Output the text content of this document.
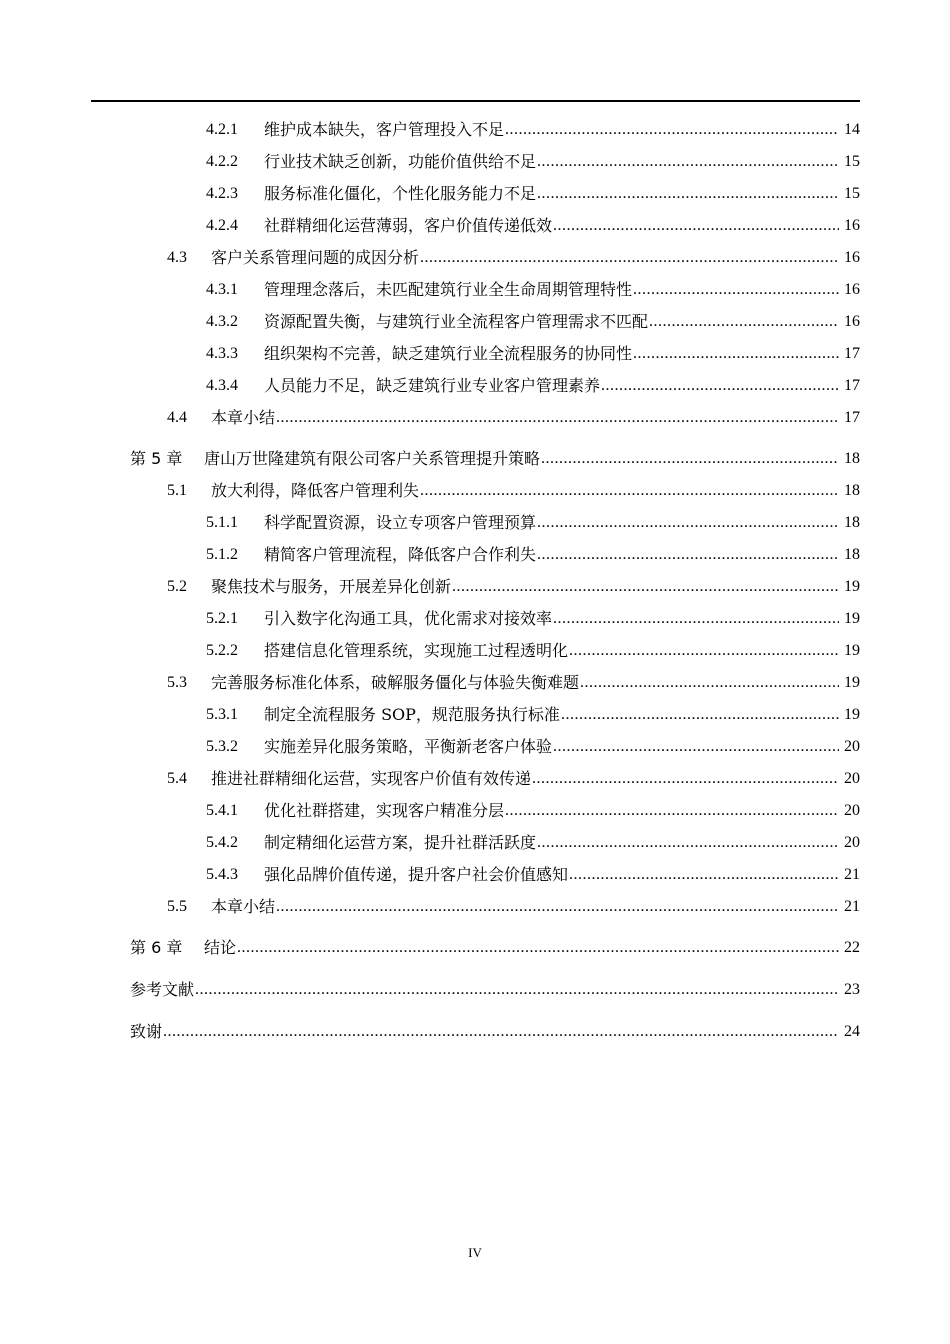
4.2.1	维护成本缺失，客户管理投入不足 .....	14
4.2.2	行业技术缺乏创新，功能价值供给不足 .....	15
4.2.3	服务标准化僵化，个性化服务能力不足 .....	15
4.2.4	社群精细化运营薄弱，客户价值传递低效 .....	16
4.3	客户关系管理问题的成因分析 .....	16
4.3.1	管理理念落后，未匹配建筑行业全生命周期管理特性 .....	16
4.3.2	资源配置失衡，与建筑行业全流程客户管理需求不匹配 .....	16
4.3.3	组织架构不完善，缺乏建筑行业全流程服务的协同性 .....	17
4.3.4	人员能力不足，缺乏建筑行业专业客户管理素养 .....	17
4.4	本章小结 .....	17
第 5 章	唐山万世隆建筑有限公司客户关系管理提升策略 .....	18
5.1	放大利得，降低客户管理利失 .....	18
5.1.1	科学配置资源，设立专项客户管理预算 .....	18
5.1.2	精简客户管理流程，降低客户合作利失 .....	18
5.2	聚焦技术与服务，开展差异化创新 .....	19
5.2.1	引入数字化沟通工具，优化需求对接效率 .....	19
5.2.2	搭建信息化管理系统，实现施工过程透明化 .....	19
5.3	完善服务标准化体系，破解服务僵化与体验失衡难题 .....	19
5.3.1	制定全流程服务 SOP，规范服务执行标准 .....	19
5.3.2	实施差异化服务策略，平衡新老客户体验 .....	20
5.4	推进社群精细化运营，实现客户价值有效传递 .....	20
5.4.1	优化社群搭建，实现客户精准分层 .....	20
5.4.2	制定精细化运营方案，提升社群活跃度 .....	20
5.4.3	强化品牌价值传递，提升客户社会价值感知 .....	21
5.5	本章小结 .....	21
第 6 章	结论 .....	22
参考文献 .....	23
致谢 .....	24
IV
